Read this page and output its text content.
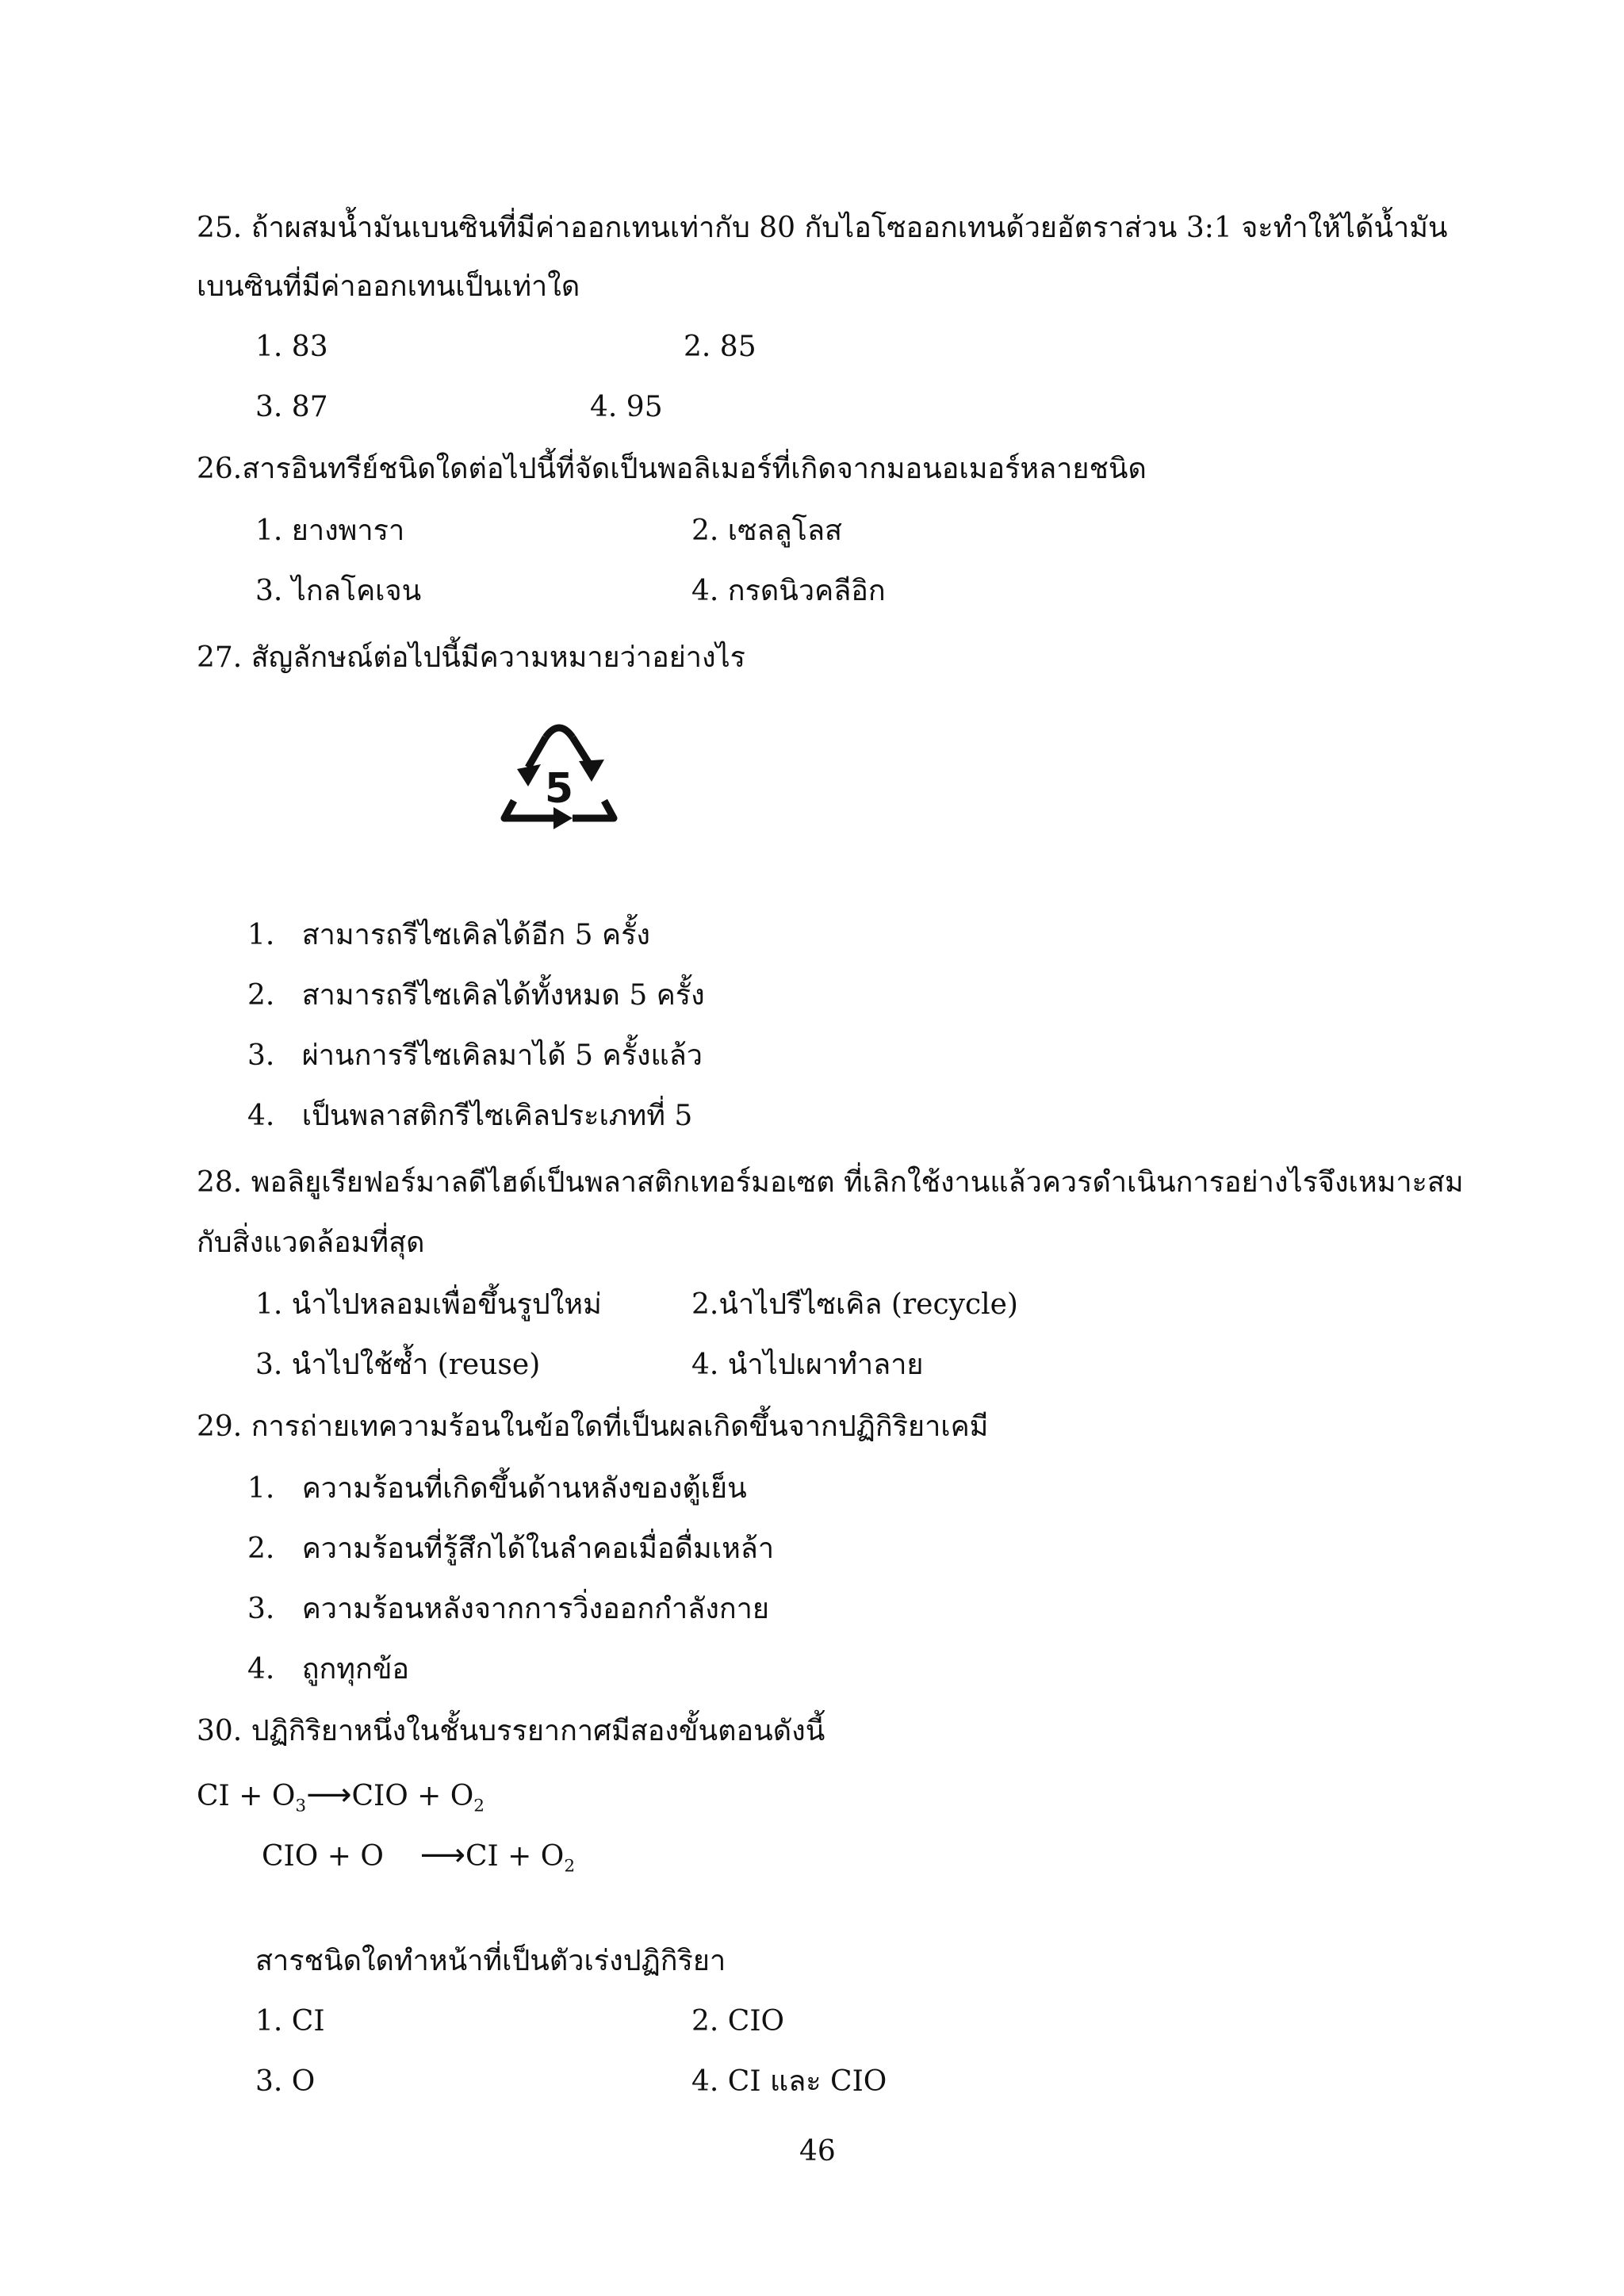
25. ถ้าผสมน้ำมันเบนซินที่มีค่าออกเทนเท่ากับ 80 กับไอโซออกเทนด้วยอัตราส่วน 3:1 จะทำให้ได้น้ำมัน
เบนซินที่มีค่าออกเทนเป็นเท่าใด
1. 83	2. 85
3. 87	4. 95
26.สารอินทรีย์ชนิดใดต่อไปนี้ที่จัดเป็นพอลิเมอร์ที่เกิดจากมอนอเมอร์หลายชนิด
1. ยางพารา	2. เซลลูโลส
3. ไกลโคเจน	4. กรดนิวคลีอิก
27. สัญลักษณ์ต่อไปนี้มีความหมายว่าอย่างไร
5
1. สามารถรีไซเคิลได้อีก 5 ครั้ง
2. สามารถรีไซเคิลได้ทั้งหมด 5 ครั้ง
3. ผ่านการรีไซเคิลมาได้ 5 ครั้งแล้ว
4. เป็นพลาสติกรีไซเคิลประเภทที่ 5
28. พอลิยูเรียฟอร์มาลดีไฮด์เป็นพลาสติกเทอร์มอเซต ที่เลิกใช้งานแล้วควรดำเนินการอย่างไรจึงเหมาะสม
กับสิ่งแวดล้อมที่สุด
1. นำไปหลอมเพื่อขึ้นรูปใหม่	2.นำไปรีไซเคิล (recycle)
3. นำไปใช้ซ้ำ (reuse)	4. นำไปเผาทำลาย
29. การถ่ายเทความร้อนในข้อใดที่เป็นผลเกิดขึ้นจากปฏิกิริยาเคมี
1. ความร้อนที่เกิดขึ้นด้านหลังของตู้เย็น
2. ความร้อนที่รู้สึกได้ในลำคอเมื่อดื่มเหล้า
3. ความร้อนหลังจากการวิ่งออกกำลังกาย
4. ถูกทุกข้อ
30. ปฏิกิริยาหนึ่งในชั้นบรรยากาศมีสองขั้นตอนดังนี้
CI + $O_3⟶CIO + O_2$
CIO + O ⟶CI + $O_2$
สารชนิดใดทำหน้าที่เป็นตัวเร่งปฏิกิริยา
1. CI	2. CIO
3. O	4. CI และ CIO
46
